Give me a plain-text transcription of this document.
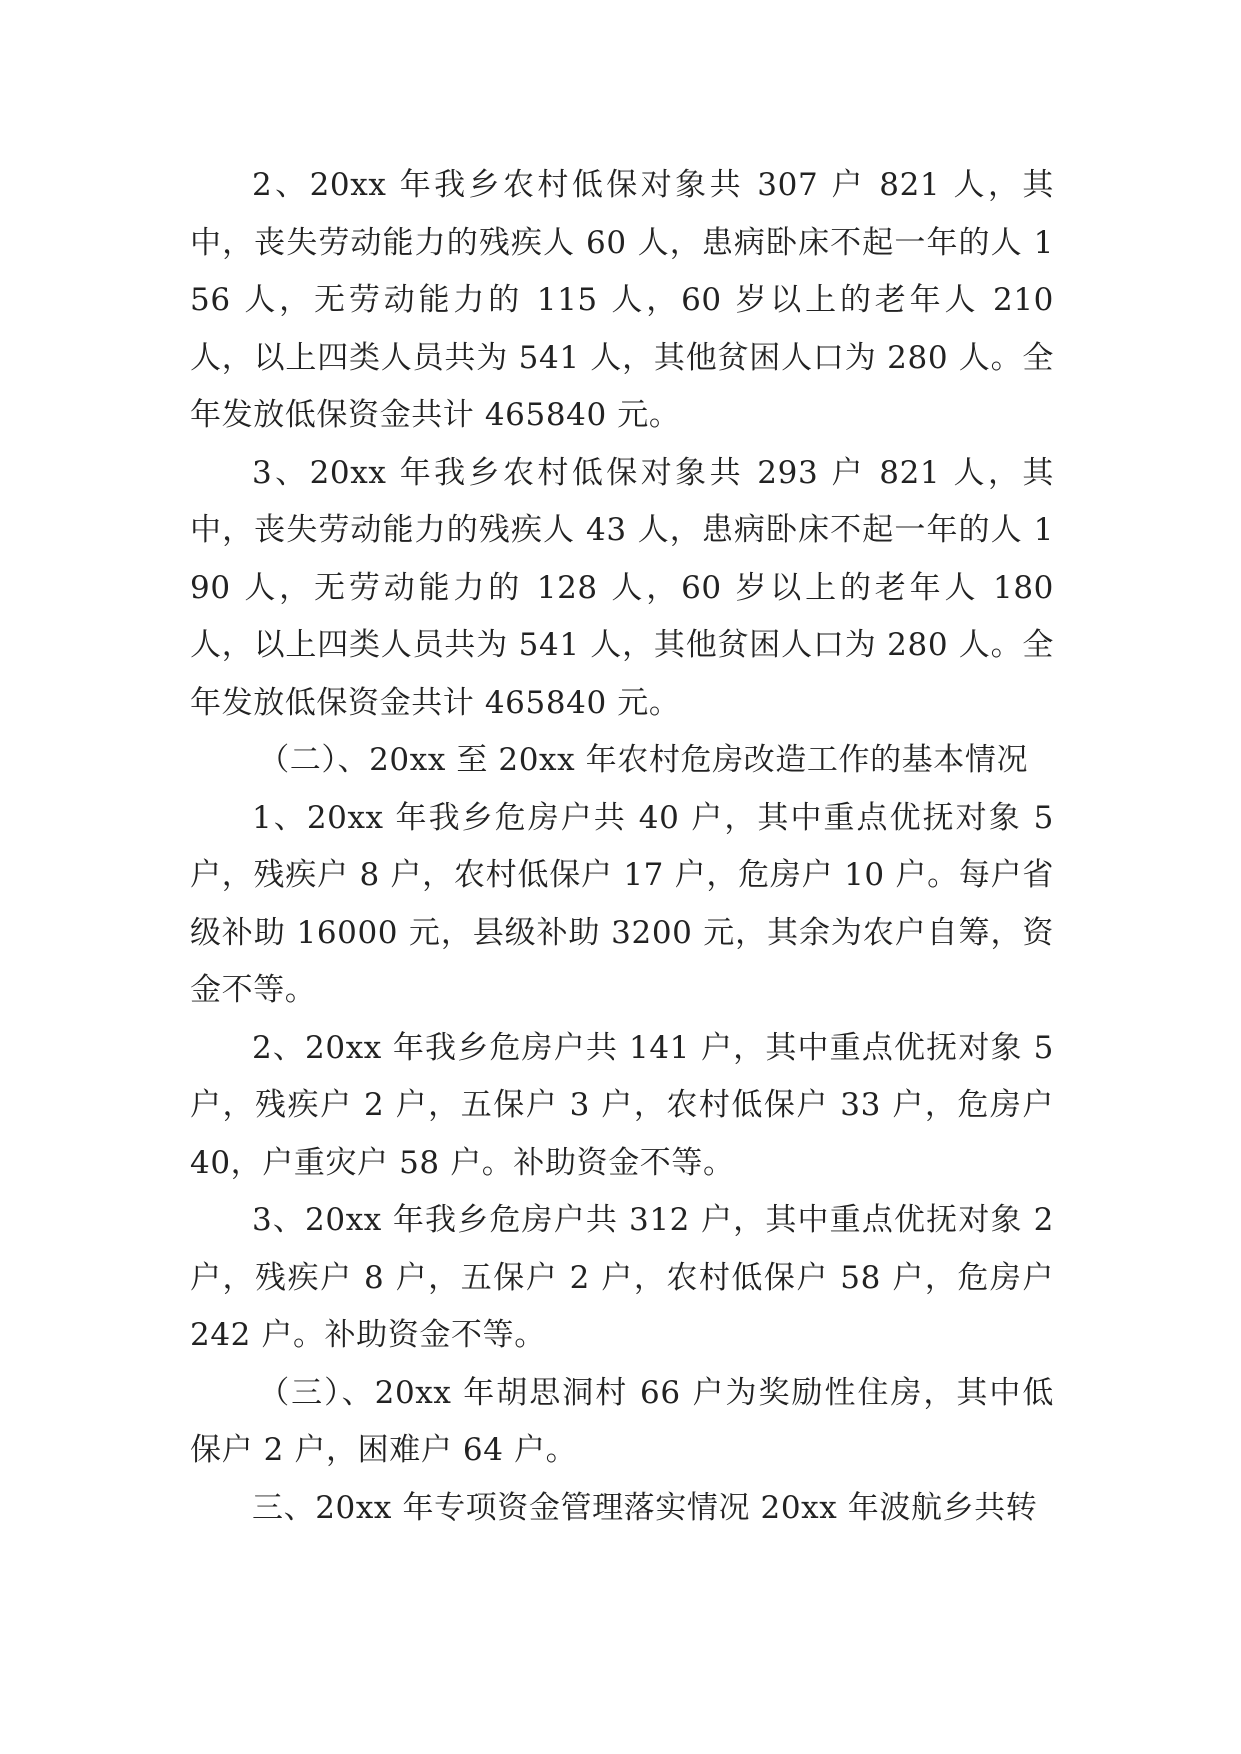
2、20xx 年我乡农村低保对象共 307 户 821 人，其中，丧失劳动能力的残疾人 60 人，患病卧床不起一年的人 156 人，无劳动能力的 115 人，60 岁以上的老年人 210 人，以上四类人员共为 541 人，其他贫困人口为 280 人。全年发放低保资金共计 465840 元。

3、20xx 年我乡农村低保对象共 293 户 821 人，其中，丧失劳动能力的残疾人 43 人，患病卧床不起一年的人 190 人，无劳动能力的 128 人，60 岁以上的老年人 180 人，以上四类人员共为 541 人，其他贫困人口为 280 人。全年发放低保资金共计 465840 元。

（二）、20xx 至 20xx 年农村危房改造工作的基本情况

1、20xx 年我乡危房户共 40 户，其中重点优抚对象 5 户，残疾户 8 户，农村低保户 17 户，危房户 10 户。每户省级补助 16000 元，县级补助 3200 元，其余为农户自筹，资金不等。

2、20xx 年我乡危房户共 141 户，其中重点优抚对象 5 户，残疾户 2 户，五保户 3 户，农村低保户 33 户，危房户 40，户重灾户 58 户。补助资金不等。

3、20xx 年我乡危房户共 312 户，其中重点优抚对象 2 户，残疾户 8 户，五保户 2 户，农村低保户 58 户，危房户 242 户。补助资金不等。

（三）、20xx 年胡思洞村 66 户为奖励性住房，其中低保户 2 户，困难户 64 户。

三、20xx 年专项资金管理落实情况 20xx 年波航乡共转
